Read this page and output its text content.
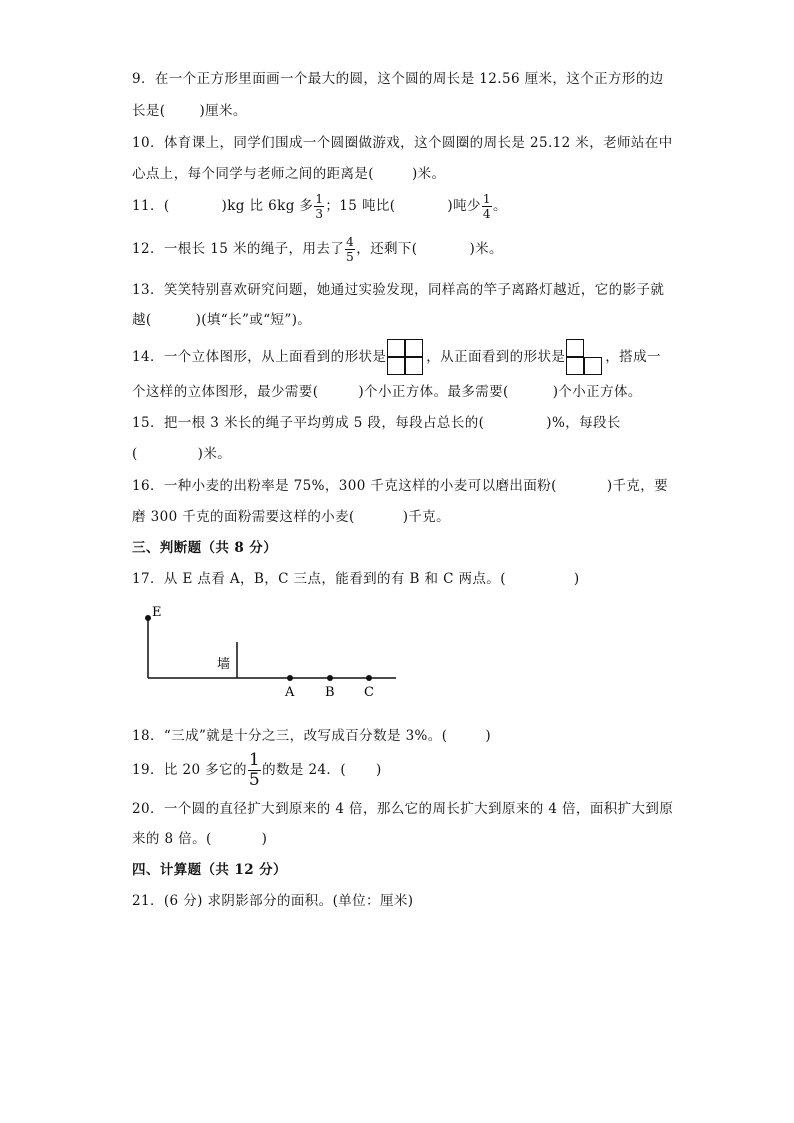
9．在一个正方形里面画一个最大的圆，这个圆的周长是 12.56 厘米，这个正方形的边
长是(	)厘米。
10．体育课上，同学们围成一个圆圈做游戏，这个圆圈的周长是 25.12 米，老师站在中
心点上，每个同学与老师之间的距离是(	)米。
11．(	)kg 比 6kg 多 $\frac{1}{3}$ ；15 吨比(	)吨少 $\frac{1}{4}$ 。
12．一根长 15 米的绳子，用去了 $\frac{4}{5}$ ，还剩下(	)米。
13．笑笑特别喜欢研究问题，她通过实验发现，同样高的竿子离路灯越近，它的影子就
越(	)(填“长”或“短”)。
14．一个立体图形，从上面看到的形状是	，从正面看到的形状是	，搭成一
个这样的立体图形，最少需要(	)个小正方体。最多需要(	)个小正方体。
15．把一根 3 米长的绳子平均剪成 5 段，每段占总长的(	)%，每段长
(	)米。
16．一种小麦的出粉率是 75%，300 千克这样的小麦可以磨出面粉(	)千克，要
磨 300 千克的面粉需要这样的小麦(	)千克。
三、判断题（共 8 分）
17．从 E 点看 A，B，C 三点，能看到的有 B 和 C 两点。(	)
E
墙
A B C
18．“三成”就是十分之三，改写成百分数是 3%。(	)
19．比 20 多它的 $\frac{1}{5}$ 的数是 24．( )
20．一个圆的直径扩大到原来的 4 倍，那么它的周长扩大到原来的 4 倍，面积扩大到原
来的 8 倍。(	)
四、计算题（共 12 分）
21．(6 分) 求阴影部分的面积。(单位：厘米)
